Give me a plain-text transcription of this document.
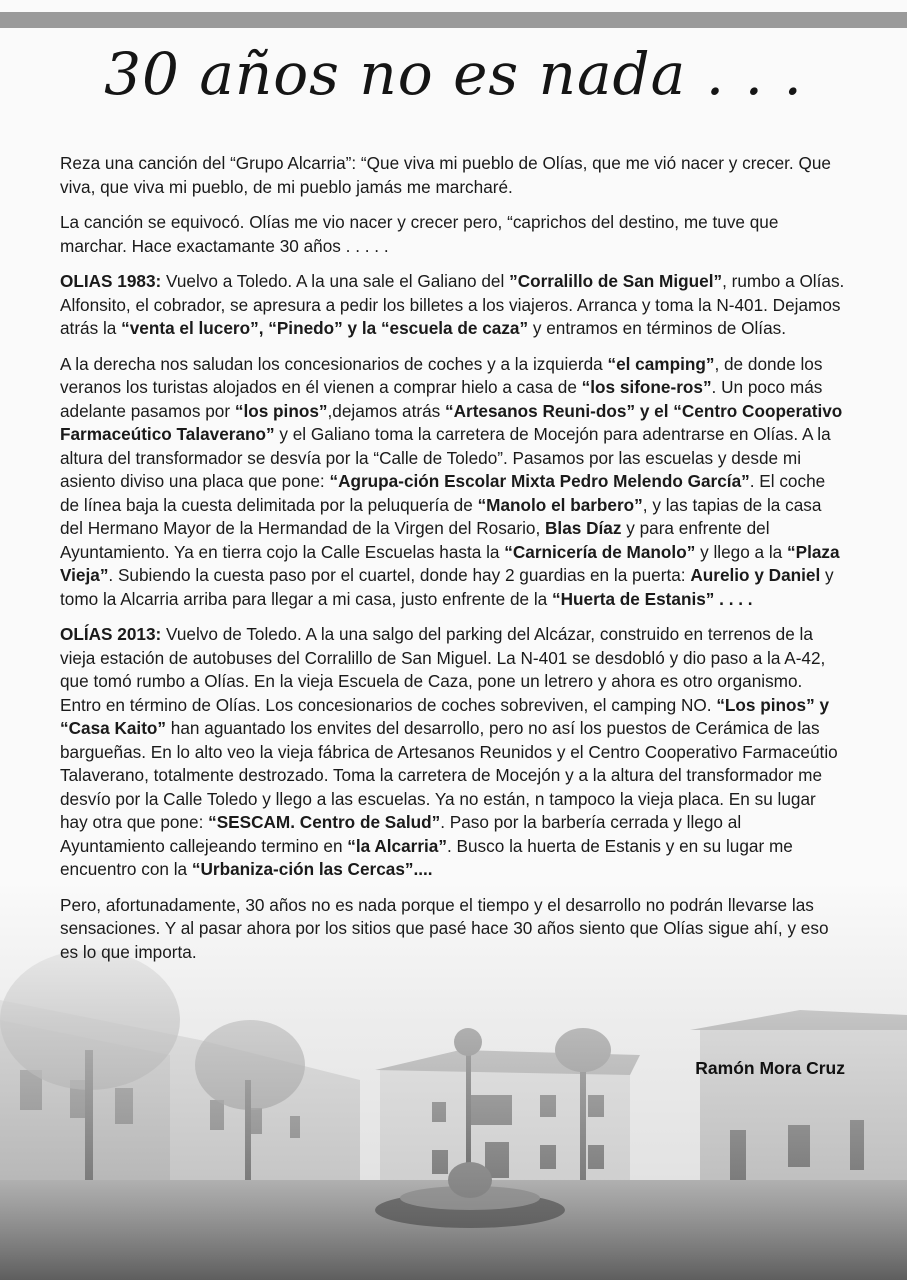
30 años no es nada . . .

Reza una canción del “Grupo Alcarria”: “Que viva mi pueblo de Olías, que me vió nacer y crecer. Que viva, que viva mi pueblo, de mi pueblo jamás me marcharé.

La canción se equivocó. Olías me vio nacer y crecer pero, “caprichos del destino, me tuve que marchar. Hace exactamante 30 años . . . . .

OLIAS 1983: Vuelvo a Toledo. A la una sale el Galiano del ”Corralillo de San Miguel”, rumbo a Olías. Alfonsito, el cobrador, se apresura a pedir los billetes a los viajeros. Arranca y toma la N-401. Dejamos atrás la “venta el lucero”, “Pinedo” y la “escuela de caza” y entramos en términos de Olías.

A la derecha nos saludan los concesionarios de coches y a la izquierda “el camping”, de donde los veranos los turistas alojados en él vienen a comprar hielo a casa de “los sifone-ros”. Un poco más adelante pasamos por “los pinos”,dejamos atrás “Artesanos Reuni-dos” y el “Centro Cooperativo Farmaceútico Talaverano” y el Galiano toma la carretera de Mocejón para adentrarse en Olías. A la altura del transformador se desvía por la “Calle de Toledo”. Pasamos por las escuelas y desde mi asiento diviso una placa que pone: “Agrupa-ción Escolar Mixta Pedro Melendo García”. El coche de línea baja la cuesta delimitada por la peluquería de “Manolo el barbero”, y las tapias de la casa del Hermano Mayor de la Hermandad de la Virgen del Rosario, Blas Díaz y para enfrente del Ayuntamiento. Ya en tierra cojo la Calle Escuelas hasta la “Carnicería de Manolo” y llego a la “Plaza Vieja”. Subiendo la cuesta paso por el cuartel, donde hay 2 guardias en la puerta: Aurelio y Daniel y tomo la Alcarria arriba para llegar a mi casa, justo enfrente de la “Huerta de Estanis” . . . .

OLÍAS 2013: Vuelvo de Toledo. A la una salgo del parking del Alcázar, construido en terrenos de la vieja estación de autobuses del Corralillo de San Miguel. La N-401 se desdobló y dio paso a la A-42, que tomó rumbo a Olías. En la vieja Escuela de Caza, pone un letrero y ahora es otro organismo. Entro en término de Olías. Los concesionarios de coches sobreviven, el camping NO. “Los pinos” y “Casa Kaito” han aguantado los envites del desarrollo, pero no así los puestos de Cerámica de las bargueñas. En lo alto veo la vieja fábrica de Artesanos Reunidos y el Centro Cooperativo Farmaceútio Talaverano, totalmente destrozado. Toma la carretera de Mocejón y a la altura del transformador me desvío por la Calle Toledo y llego a las escuelas. Ya no están, n tampoco la vieja placa. En su lugar hay otra que pone: “SESCAM. Centro de Salud”. Paso por la barbería cerrada y llego al Ayuntamiento callejeando termino en “la Alcarria”. Busco la huerta de Estanis y en su lugar me encuentro con la “Urbaniza-ción las Cercas”....

Pero, afortunadamente, 30 años no es nada porque el tiempo y el desarrollo no podrán llevarse las sensaciones. Y al pasar ahora por los sitios que pasé hace 30 años siento que Olías sigue ahí, y eso es lo que importa.

Ramón Mora Cruz
